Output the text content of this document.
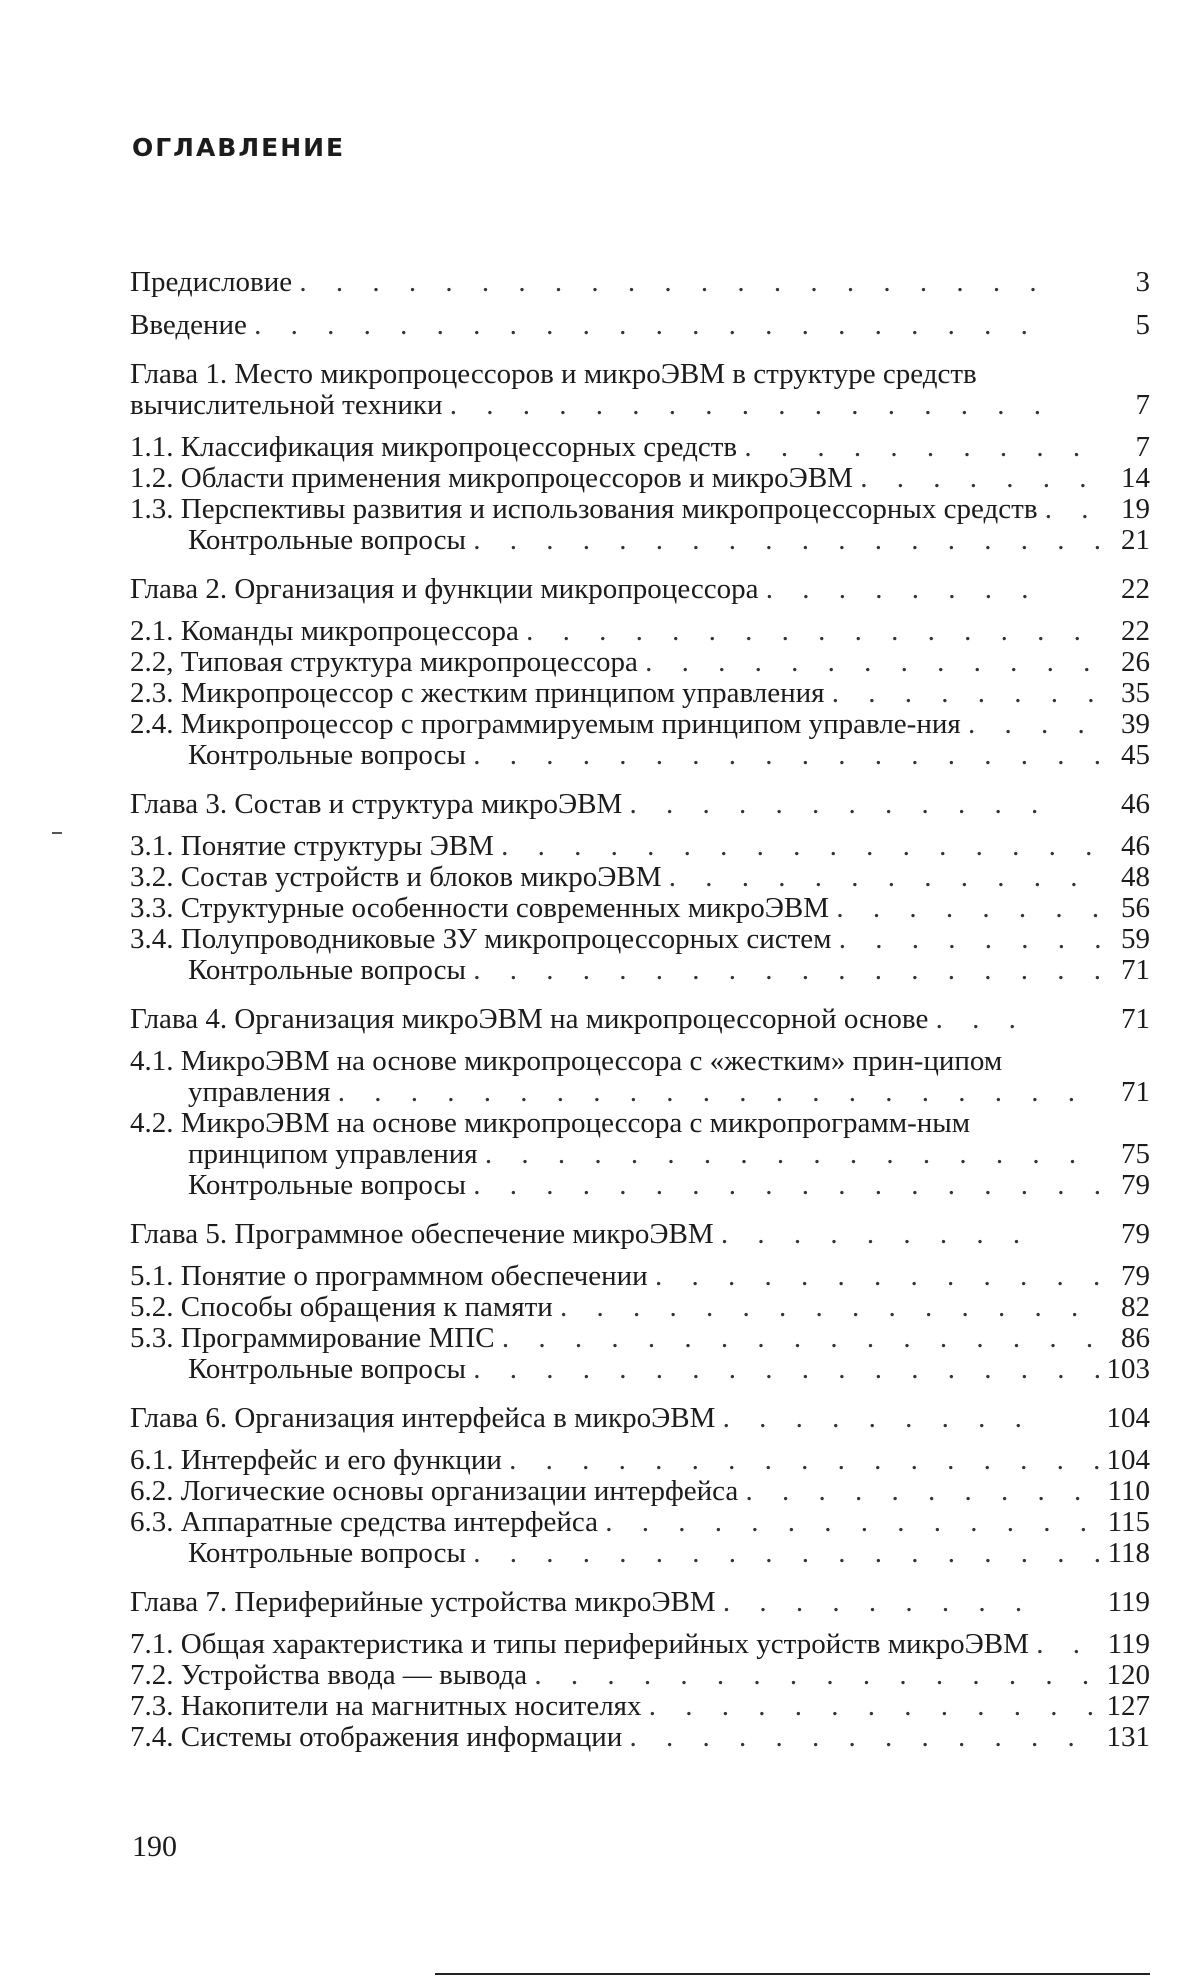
ОГЛАВЛЕНИЕ
Предисловие . . . . . . . . . . . . . . . . . . . . .	3
Введение . . . . . . . . . . . . . . . . . . . . . .	5
Глава 1. Место микропроцессоров и микроЭВМ в структуре средств вычислительной техники . . . . . . . . . . . . . . . . .	7
1.1. Классификация микропроцессорных средств . . . . . . . . . .	7
1.2. Области применения микропроцессоров и микроЭВМ . . . . . . . 14
1.3. Перспективы развития и использования микропроцессорных средств . . 19
Контрольные вопросы . . . . . . . . . . . . . . . . . . 21
Глава 2. Организация и функции микропроцессора . . . . . . . .	22
2.1. Команды микропроцессора . . . . . . . . . . . . . . . .	22
2.2, Типовая структура микропроцессора . . . . . . . . . . . . . 26
2.3. Микропроцессор с жестким принципом управления . . . . . . . . 35
2.4. Микропроцессор с программируемым принципом управле-ния . . . . 39
Контрольные вопросы . . . . . . . . . . . . . . . . . . 45
Глава 3. Состав и структура микроЭВМ . . . . . . . . . . . .	46
3.1. Понятие структуры ЭВМ . . . . . . . . . . . . . . . . . 46
3.2. Состав устройств и блоков микроЭВМ . . . . . . . . . . . .	48
3.3. Структурные особенности современных микроЭВМ . . . . . . . . 56
3.4. Полупроводниковые ЗУ микропроцессорных систем . . . . . . . . 59
Контрольные вопросы . . . . . . . . . . . . . . . . . . 71
Глава 4. Организация микроЭВМ на микропроцессорной основе . . .	71
4.1. МикроЭВМ на основе микропроцессора с «жестким» прин-ципом управления . . . . . . . . . . . . . . . . . . . . .	71
4.2. МикроЭВМ на основе микропроцессора с микропрограмм-ным принципом управления . . . . . . . . . . . . . . . . .	75
Контрольные вопросы . . . . . . . . . . . . . . . . . . 79
Глава 5. Программное обеспечение микроЭВМ . . . . . . . . .	79
5.1. Понятие о программном обеспечении . . . . . . . . . . . . . 79
5.2. Способы обращения к памяти . . . . . . . . . . . . . . .	82
5.3. Программирование МПС . . . . . . . . . . . . . . . . . 86
Контрольные вопросы . . . . . . . . . . . . . . . . . .
103
Глава 6. Организация интерфейса в микроЭВМ . . . . . . . . .	104
6.1. Интерфейс и его функции . . . . . . . . . . . . . . . . .
104
6.2. Логические основы организации интерфейса . . . . . . . . . . 110
6.3. Аппаратные средства интерфейса . . . . . . . . . . . . . . 115
Контрольные вопросы . . . . . . . . . . . . . . . . . .
118
Глава 7. Периферийные устройства микроЭВМ . . . . . . . . .	119
7.1. Общая характеристика и типы периферийных устройств микроЭВМ . . 119
7.2. Устройства ввода — вывода . . . . . . . . . . . . . . . . 120
7.3. Накопители на магнитных носителях . . . . . . . . . . . . . 127
7.4. Системы отображения информации . . . . . . . . . . . . . 131
190
